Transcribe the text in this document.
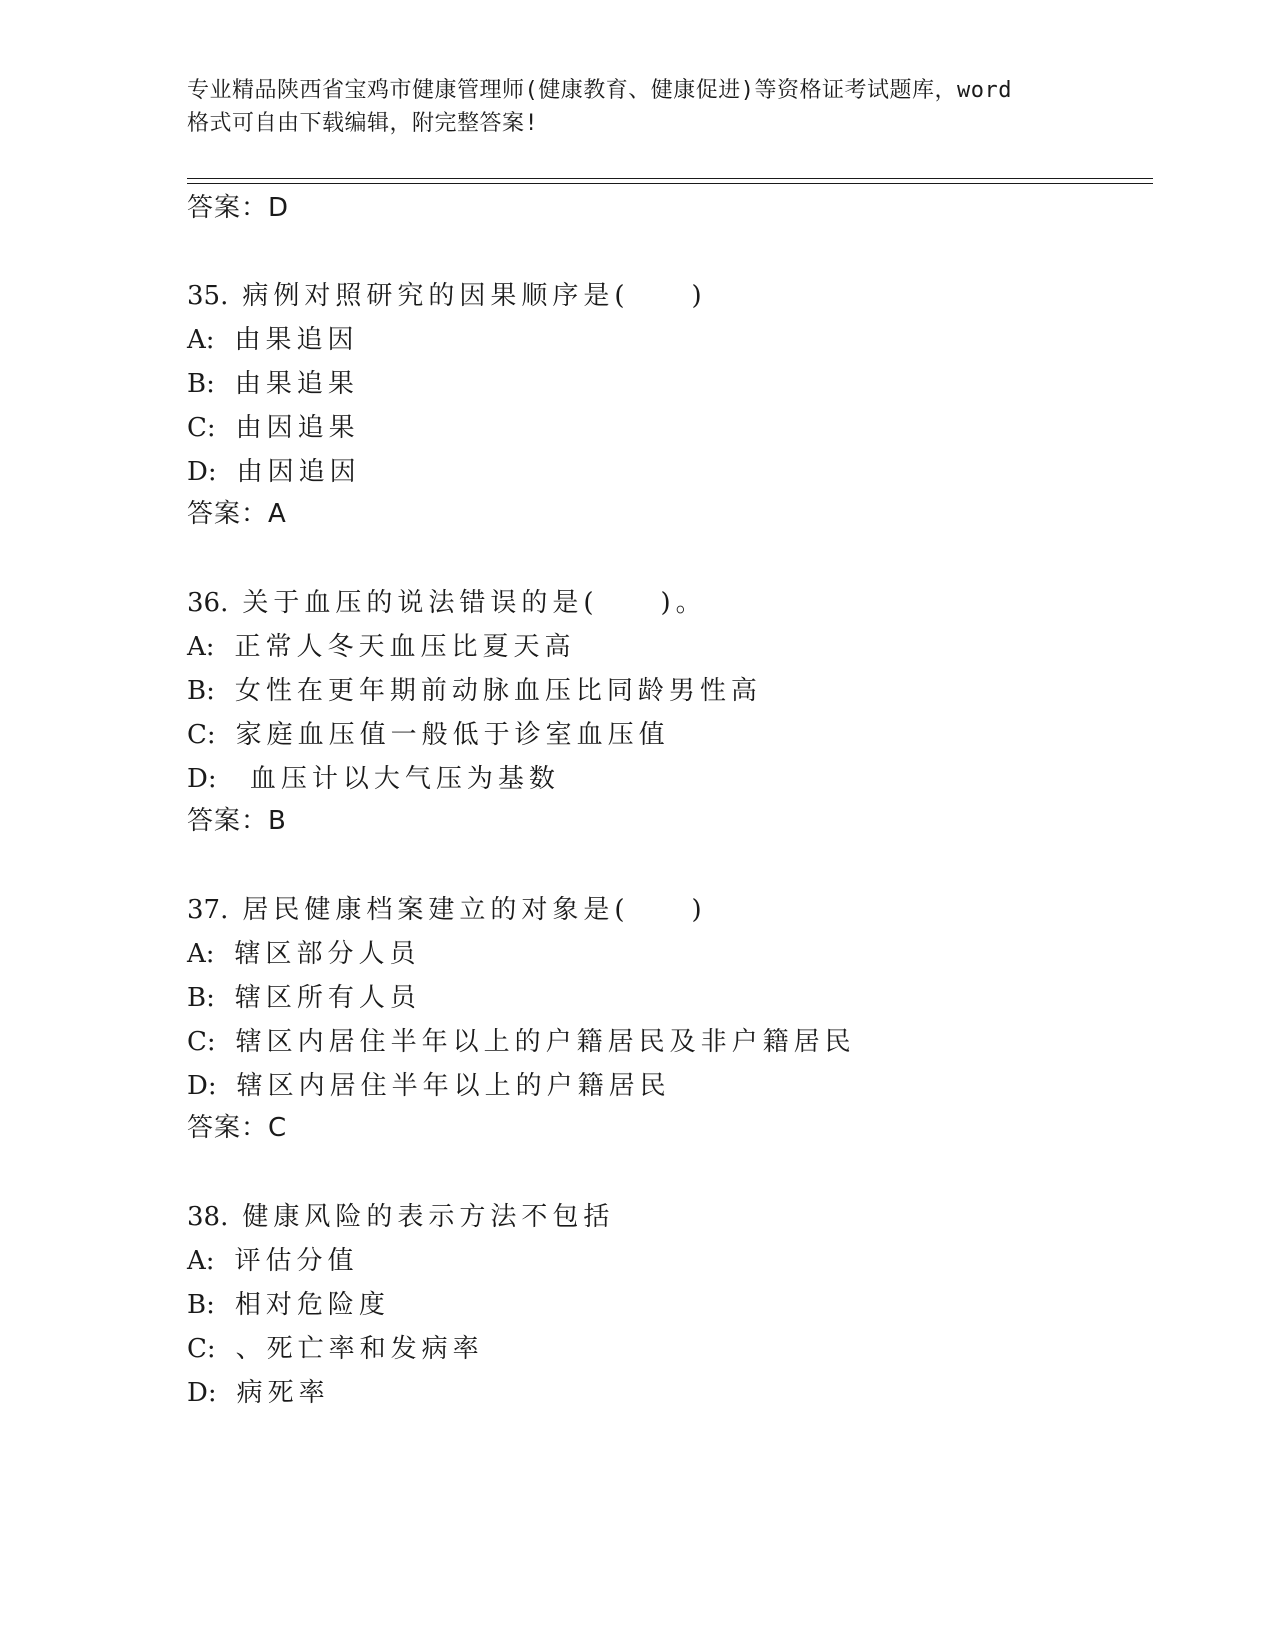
专业精品陕西省宝鸡市健康管理师(健康教育、健康促进)等资格证考试题库，word
格式可自由下载编辑，附完整答案!
答案：D
35. 病例对照研究的因果顺序是(　　)
A: 由果追因
B: 由果追果
C: 由因追果
D: 由因追因
答案：A
36. 关于血压的说法错误的是(　　)。
A: 正常人冬天血压比夏天高
B: 女性在更年期前动脉血压比同龄男性高
C: 家庭血压值一般低于诊室血压值
D: 血压计以大气压为基数
答案：B
37. 居民健康档案建立的对象是(　　)
A: 辖区部分人员
B: 辖区所有人员
C: 辖区内居住半年以上的户籍居民及非户籍居民
D: 辖区内居住半年以上的户籍居民
答案：C
38. 健康风险的表示方法不包括
A: 评估分值
B: 相对危险度
C: 、死亡率和发病率
D: 病死率
